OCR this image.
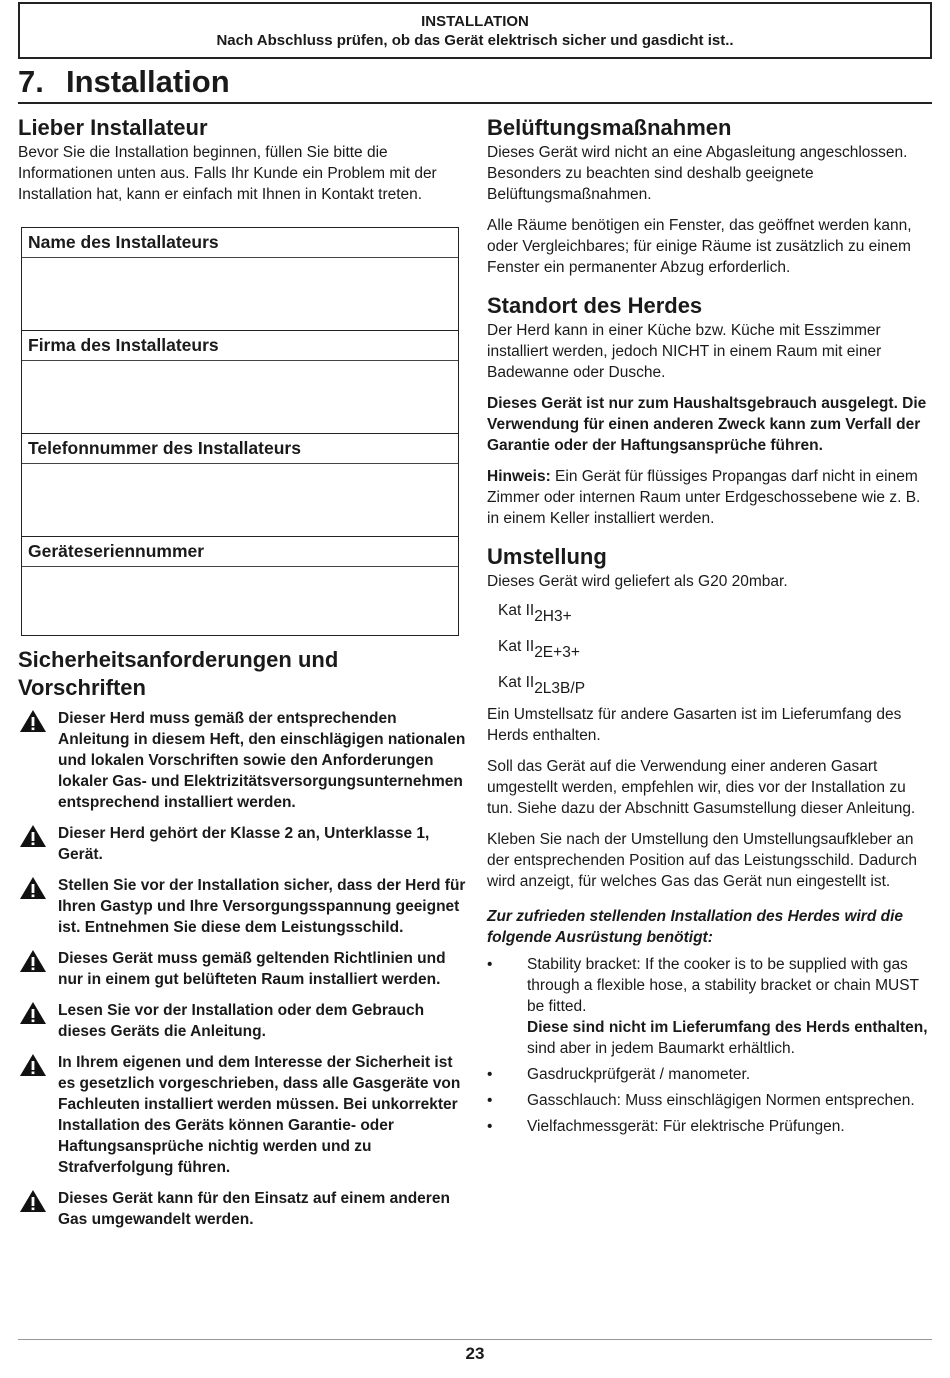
INSTALLATION
Nach Abschluss prüfen, ob das Gerät elektrisch sicher und gasdicht ist..
7. Installation
Lieber Installateur

Bevor Sie die Installation beginnen, füllen Sie bitte die Informationen unten aus. Falls Ihr Kunde ein Problem mit der Installation hat, kann er einfach mit Ihnen in Kontakt treten.

Name des Installateurs
Firma des Installateurs
Telefonnummer des Installateurs
Geräteseriennummer
Sicherheitsanforderungen und Vorschriften
Dieser Herd muss gemäß der entsprechenden Anleitung in diesem Heft, den einschlägigen nationalen und lokalen Vorschriften sowie den Anforderungen lokaler Gas- und Elektrizitätsversorgungsunternehmen entsprechend installiert werden.
Dieser Herd gehört der Klasse 2 an, Unterklasse 1, Gerät.
Stellen Sie vor der Installation sicher, dass der Herd für Ihren Gastyp und Ihre Versorgungsspannung geeignet ist. Entnehmen Sie diese dem Leistungsschild.
Dieses Gerät muss gemäß geltenden Richtlinien und nur in einem gut belüfteten Raum installiert werden.
Lesen Sie vor der Installation oder dem Gebrauch dieses Geräts die Anleitung.
In Ihrem eigenen und dem Interesse der Sicherheit ist es gesetzlich vorgeschrieben, dass alle Gasgeräte von Fachleuten installiert werden müssen. Bei unkorrekter Installation des Geräts können Garantie- oder Haftungsansprüche nichtig werden und zu Strafverfolgung führen.
Dieses Gerät kann für den Einsatz auf einem anderen Gas umgewandelt werden.
Belüftungsmaßnahmen

Dieses Gerät wird nicht an eine Abgasleitung angeschlossen. Besonders zu beachten sind deshalb geeignete Belüftungsmaßnahmen.

Alle Räume benötigen ein Fenster, das geöffnet werden kann, oder Vergleichbares; für einige Räume ist zusätzlich zu einem Fenster ein permanenter Abzug erforderlich.

Standort des Herdes

Der Herd kann in einer Küche bzw. Küche mit Esszimmer installiert werden, jedoch NICHT in einem Raum mit einer Badewanne oder Dusche.

Dieses Gerät ist nur zum Haushaltsgebrauch ausgelegt. Die Verwendung für einen anderen Zweck kann zum Verfall der Garantie oder der Haftungsansprüche führen.

Hinweis: Ein Gerät für flüssiges Propangas darf nicht in einem Zimmer oder internen Raum unter Erdgeschossebene wie z. B. in einem Keller installiert werden.

Umstellung

Dieses Gerät wird geliefert als G20 20mbar.

Kat $II_{2H3+}$
Kat $II_{2E+3+}$
Kat $II_{2L3B/P}$

Ein Umstellsatz für andere Gasarten ist im Lieferumfang des Herds enthalten.

Soll das Gerät auf die Verwendung einer anderen Gasart umgestellt werden, empfehlen wir, dies vor der Installation zu tun. Siehe dazu der Abschnitt Gasumstellung dieser Anleitung.

Kleben Sie nach der Umstellung den Umstellungsaufkleber an der entsprechenden Position auf das Leistungsschild. Dadurch wird anzeigt, für welches Gas das Gerät nun eingestellt ist.

Zur zufrieden stellenden Installation des Herdes wird die folgende Ausrüstung benötigt:
• Stability bracket: If the cooker is to be supplied with gas through a flexible hose, a stability bracket or chain MUST be fitted.
Diese sind nicht im Lieferumfang des Herds enthalten, sind aber in jedem Baumarkt erhältlich.
• Gasdruckprüfgerät / manometer.
• Gasschlauch: Muss einschlägigen Normen entsprechen.
• Vielfachmessgerät: Für elektrische Prüfungen.
23
